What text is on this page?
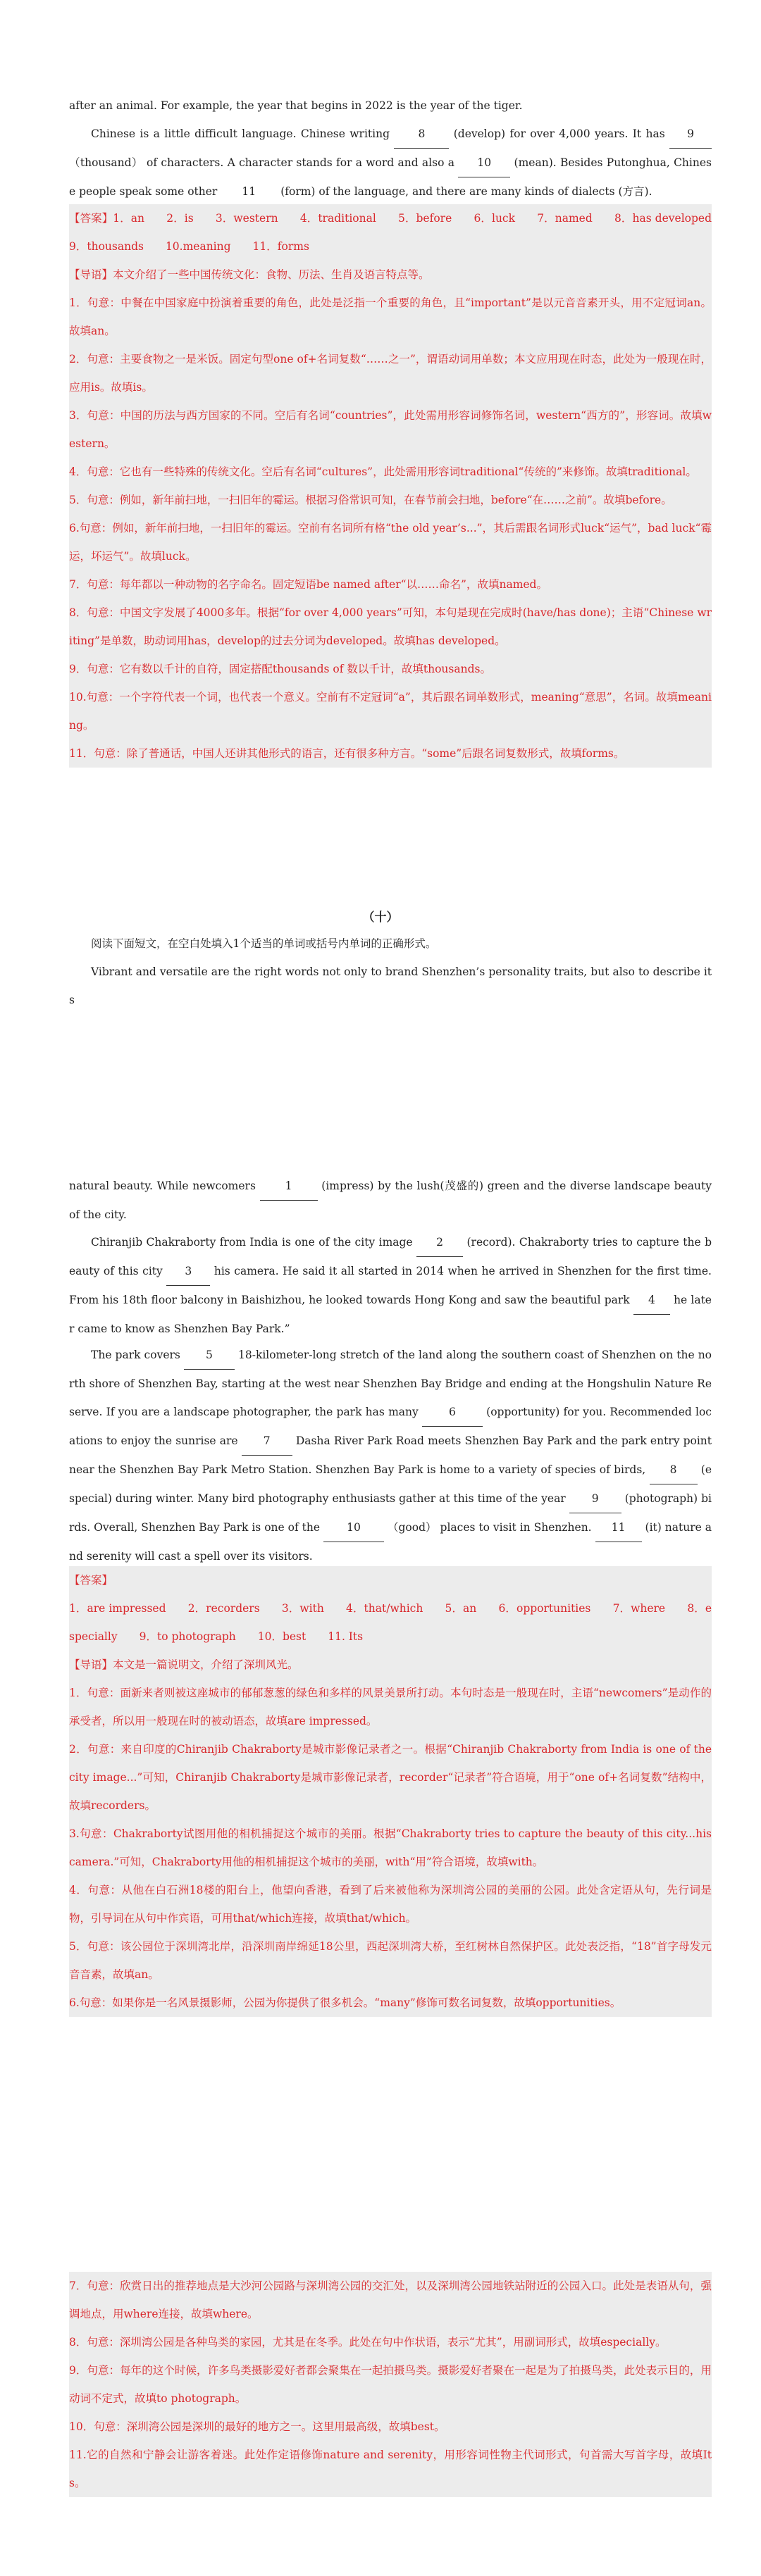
after an animal. For example, the year that begins in 2022 is the year of the tiger.

Chinese is a little difficult language. Chinese writing	8	(develop) for over 4,000 years. It has 9 （thousand） of characters. A character stands for a word and also a 10 (mean). Besides Putonghua, Chinese people speak some other 11 (form) of the language, and there are many kinds of dialects (方言).

【答案】1．an　　2．is　　3．western　　4．traditional　　5．before　　6．luck　　7．named　　8．has developed　　9．thousands　　10.meaning　　11．forms
【导语】本文介绍了一些中国传统文化：食物、历法、生肖及语言特点等。
1．句意：中餐在中国家庭中扮演着重要的角色，此处是泛指一个重要的角色，且“important”是以元音音素开头，用不定冠词an。故填an。
2．句意：主要食物之一是米饭。固定句型one of+名词复数“……之一”，谓语动词用单数；本文应用现在时态，此处为一般现在时，应用is。故填is。
3．句意：中国的历法与西方国家的不同。空后有名词“countries”，此处需用形容词修饰名词，western“西方的”，形容词。故填western。
4．句意：它也有一些特殊的传统文化。空后有名词“cultures”，此处需用形容词traditional“传统的”来修饰。故填traditional。
5．句意：例如，新年前扫地，一扫旧年的霉运。根据习俗常识可知，在春节前会扫地，before“在……之前”。故填before。
6.句意：例如，新年前扫地，一扫旧年的霉运。空前有名词所有格“the old year’s...”，其后需跟名词形式luck“运气”，bad luck“霉运，坏运气”。故填luck。
7．句意：每年都以一种动物的名字命名。固定短语be named after“以……命名”，故填named。
8．句意：中国文字发展了4000多年。根据“for over 4,000 years”可知，本句是现在完成时(have/has done)；主语“Chinese writing”是单数，助动词用has，develop的过去分词为developed。故填has developed。
9．句意：它有数以千计的自符，固定搭配thousands of 数以千计，故填thousands。
10.句意：一个字符代表一个词，也代表一个意义。空前有不定冠词“a”，其后跟名词单数形式，meaning“意思”，名词。故填meaning。
11．句意：除了普通话，中国人还讲其他形式的语言，还有很多种方言。“some”后跟名词复数形式，故填forms。
（十）

阅读下面短文，在空白处填入1个适当的单词或括号内单词的正确形式。

Vibrant and versatile are the right words not only to brand Shenzhen’s personality traits, but also to describe its

natural beauty. While newcomers	1	(impress) by the lush(茂盛的) green and the diverse landscape beauty of the city.

Chiranjib Chakraborty from India is one of the city image 2 (record). Chakraborty tries to capture the beauty of this city 3 his camera. He said it all started in 2014 when he arrived in Shenzhen for the first time. From his 18th floor balcony in Baishizhou, he looked towards Hong Kong and saw the beautiful park 4 he later came to know as Shenzhen Bay Park.”

The park covers 5 18-kilometer-long stretch of the land along the southern coast of Shenzhen on the north shore of Shenzhen Bay, starting at the west near Shenzhen Bay Bridge and ending at the Hongshulin Nature Reserve. If you are a landscape photographer, the park has many	6	(opportunity) for you. Recommended locations to enjoy the sunrise are 7 Dasha River Park Road meets Shenzhen Bay Park and the park entry point near the Shenzhen Bay Park Metro Station. Shenzhen Bay Park is home to a variety of species of birds, 8 (especial) during winter. Many bird photography enthusiasts gather at this time of the year 9 (photograph) birds. Overall, Shenzhen Bay Park is one of the 10 （good） places to visit in Shenzhen. 11 (it) nature and serenity will cast a spell over its visitors.

【答案】
1．are impressed　　2．recorders　　3．with　　4．that/which　　5．an　　6．opportunities　　7．where　　8．especially　　9．to photograph　　10．best　　11. Its
【导语】本文是一篇说明文，介绍了深圳风光。
1．句意：面新来者则被这座城市的郁郁葱葱的绿色和多样的风景美景所打动。本句时态是一般现在时，主语“newcomers”是动作的承受者，所以用一般现在时的被动语态，故填are impressed。
2．句意：来自印度的Chiranjib Chakraborty是城市影像记录者之一。根据“Chiranjib Chakraborty from India is one of the city image...”可知，Chiranjib Chakraborty是城市影像记录者，recorder“记录者”符合语境，用于“one of+名词复数”结构中，故填recorders。
3.句意：Chakraborty试图用他的相机捕捉这个城市的美丽。根据“Chakraborty tries to capture the beauty of this city...his camera.”可知，Chakraborty用他的相机捕捉这个城市的美丽，with“用”符合语境，故填with。
4．句意：从他在白石洲18楼的阳台上，他望向香港，看到了后来被他称为深圳湾公园的美丽的公园。此处含定语从句，先行词是物，引导词在从句中作宾语，可用that/which连接，故填that/which。
5．句意：该公园位于深圳湾北岸，沿深圳南岸绵延18公里，西起深圳湾大桥，至红树林自然保护区。此处表泛指，“18”首字母发元音音素，故填an。
6.句意：如果你是一名风景摄影师，公园为你提供了很多机会。“many”修饰可数名词复数，故填opportunities。
7．句意：欣赏日出的推荐地点是大沙河公园路与深圳湾公园的交汇处，以及深圳湾公园地铁站附近的公园入口。此处是表语从句，强调地点，用where连接，故填where。
8．句意：深圳湾公园是各种鸟类的家园，尤其是在冬季。此处在句中作状语，表示“尤其”，用副词形式，故填especially。
9．句意：每年的这个时候，许多鸟类摄影爱好者都会聚集在一起拍摄鸟类。摄影爱好者聚在一起是为了拍摄鸟类，此处表示目的，用动词不定式，故填to photograph。
10．句意：深圳湾公园是深圳的最好的地方之一。这里用最高级，故填best。
11.它的自然和宁静会让游客着迷。此处作定语修饰nature and serenity，用形容词性物主代词形式，句首需大写首字母，故填Its。
